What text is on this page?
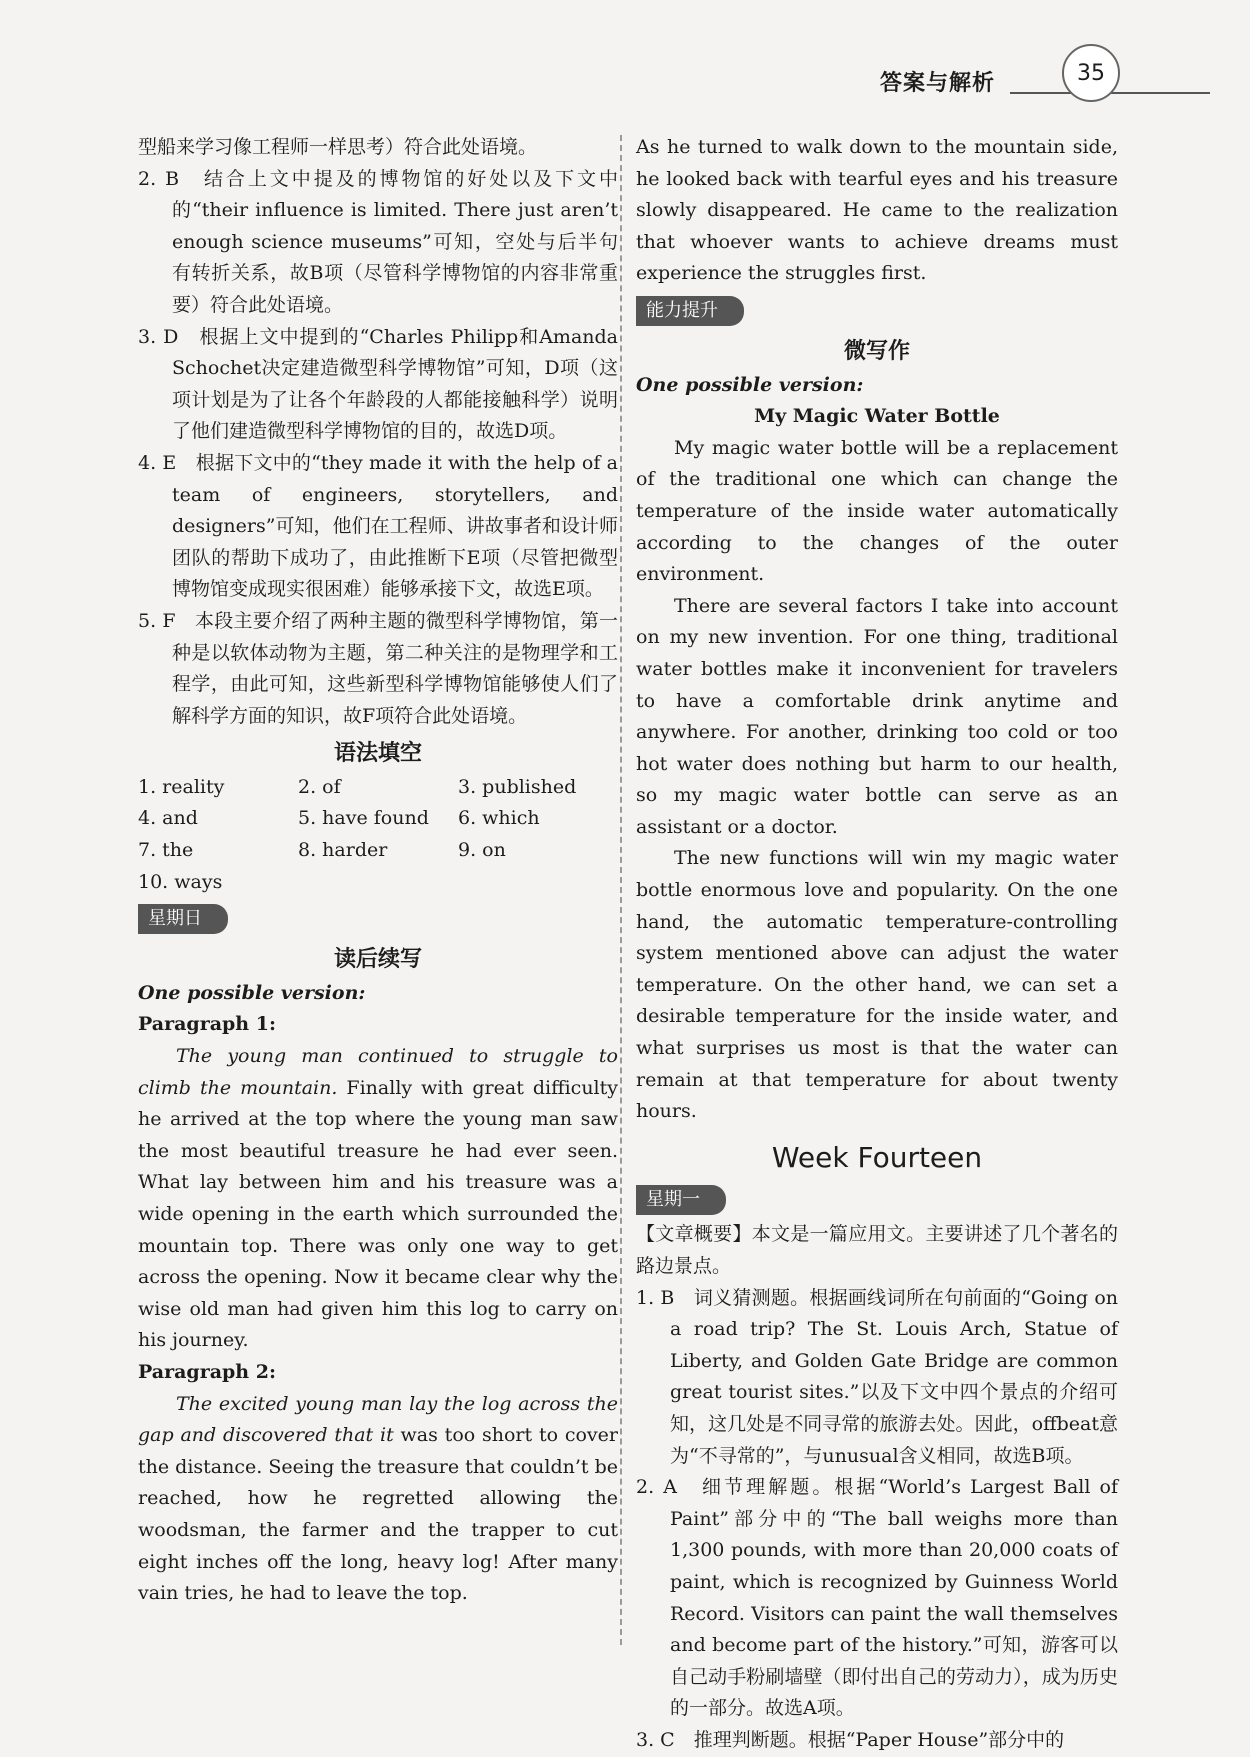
答案与解析	35

型船来学习像工程师一样思考）符合此处语境。

2. B　结合上文中提及的博物馆的好处以及下文中的“their influence is limited. There just aren’t enough science museums”可知，空处与后半句有转折关系，故B项（尽管科学博物馆的内容非常重要）符合此处语境。

3. D　根据上文中提到的“Charles Philipp和Amanda Schochet决定建造微型科学博物馆”可知，D项（这项计划是为了让各个年龄段的人都能接触科学）说明了他们建造微型科学博物馆的目的，故选D项。

4. E　根据下文中的“they made it with the help of a team of engineers, storytellers, and designers”可知，他们在工程师、讲故事者和设计师团队的帮助下成功了，由此推断下E项（尽管把微型博物馆变成现实很困难）能够承接下文，故选E项。

5. F　本段主要介绍了两种主题的微型科学博物馆，第一种是以软体动物为主题，第二种关注的是物理学和工程学，由此可知，这些新型科学博物馆能够使人们了解科学方面的知识，故F项符合此处语境。

语法填空

1. reality	2. of	3. published
4. and	5. have found	6. which
7. the	8. harder	9. on
10. ways
星期日

读后续写

One possible version:

Paragraph 1:

The young man continued to struggle to climb the mountain. Finally with great difficulty he arrived at the top where the young man saw the most beautiful treasure he had ever seen. What lay between him and his treasure was a wide opening in the earth which surrounded the mountain top. There was only one way to get across the opening. Now it became clear why the wise old man had given him this log to carry on his journey.

Paragraph 2:

The excited young man lay the log across the gap and discovered that it was too short to cover the distance. Seeing the treasure that couldn’t be reached, how he regretted allowing the woodsman, the farmer and the trapper to cut eight inches off the long, heavy log! After many vain tries, he had to leave the top.

As he turned to walk down to the mountain side, he looked back with tearful eyes and his treasure slowly disappeared. He came to the realization that whoever wants to achieve dreams must experience the struggles first.

能力提升

微写作

One possible version:

My Magic Water Bottle

My magic water bottle will be a replacement of the traditional one which can change the temperature of the inside water automatically according to the changes of the outer environment.

There are several factors I take into account on my new invention. For one thing, traditional water bottles make it inconvenient for travelers to have a comfortable drink anytime and anywhere. For another, drinking too cold or too hot water does nothing but harm to our health, so my magic water bottle can serve as an assistant or a doctor.

The new functions will win my magic water bottle enormous love and popularity. On the one hand, the automatic temperature-controlling system mentioned above can adjust the water temperature. On the other hand, we can set a desirable temperature for the inside water, and what surprises us most is that the water can remain at that temperature for about twenty hours.

Week Fourteen

星期一

【文章概要】本文是一篇应用文。主要讲述了几个著名的路边景点。

1. B　词义猜测题。根据画线词所在句前面的“Going on a road trip? The St. Louis Arch, Statue of Liberty, and Golden Gate Bridge are common great tourist sites.”以及下文中四个景点的介绍可知，这几处是不同寻常的旅游去处。因此，offbeat意为“不寻常的”，与unusual含义相同，故选B项。

2. A　细节理解题。根据“World’s Largest Ball of Paint”部分中的“The ball weighs more than 1,300 pounds, with more than 20,000 coats of paint, which is recognized by Guinness World Record. Visitors can paint the wall themselves and become part of the history.”可知，游客可以自己动手粉刷墙壁（即付出自己的劳动力），成为历史的一部分。故选A项。

3. C　推理判断题。根据“Paper House”部分中的
